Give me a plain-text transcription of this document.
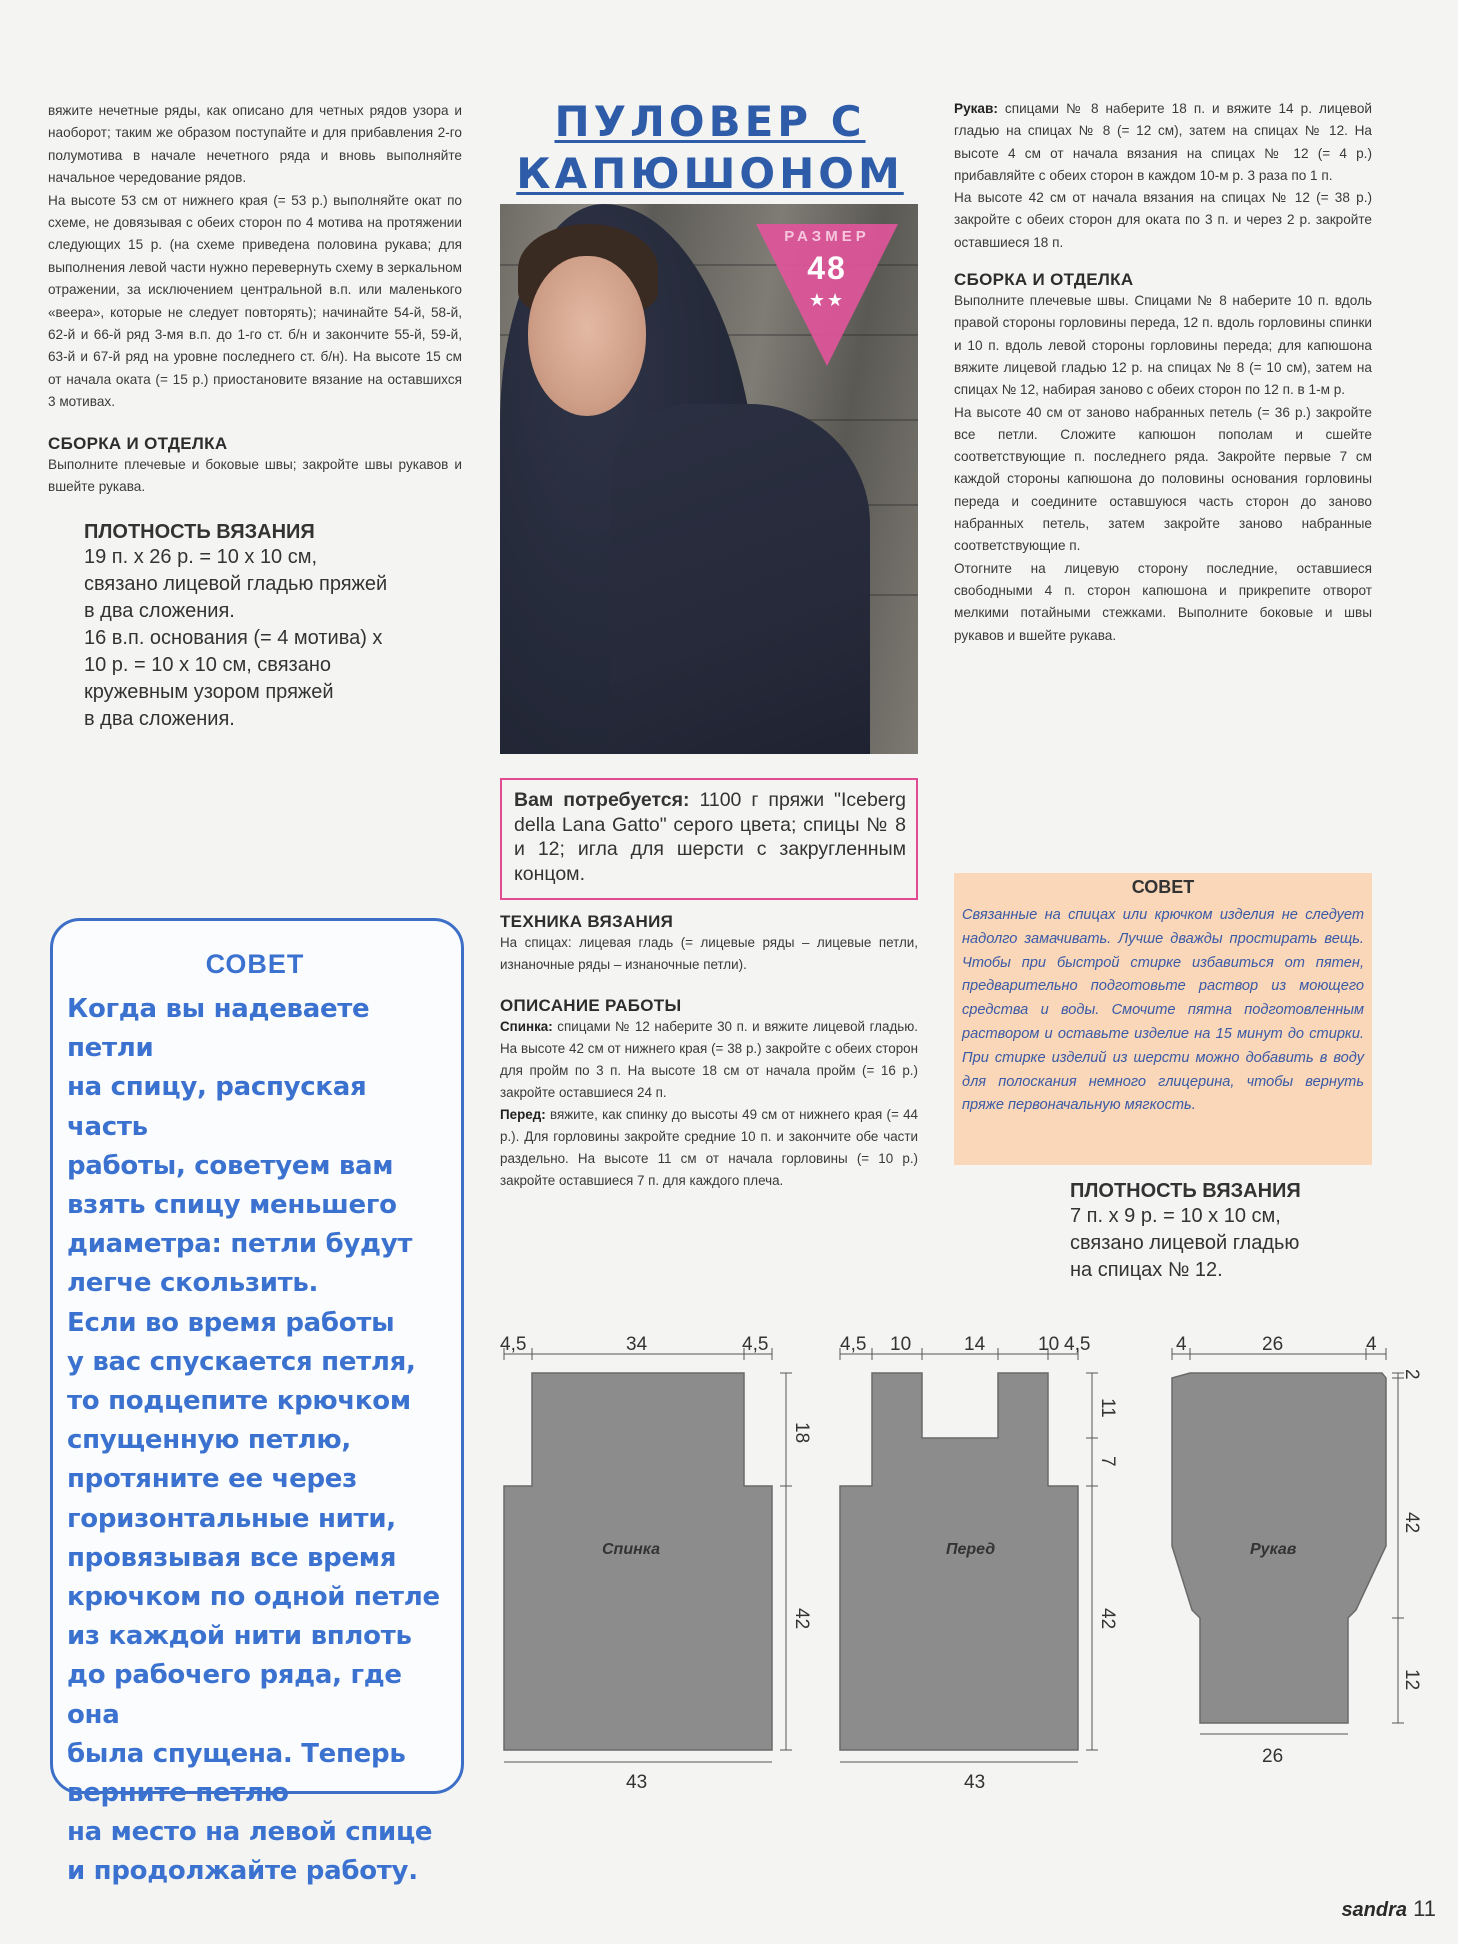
вяжите нечетные ряды, как описано для четных рядов узора и наоборот; таким же образом поступайте и для прибавления 2-го полумотива в начале нечетного ряда и вновь выполняйте начальное чередование рядов.

На высоте 53 см от нижнего края (= 53 р.) выполняйте окат по схеме, не довязывая с обеих сторон по 4 мотива на протяжении следующих 15 р. (на схеме приведена половина рукава; для выполнения левой части нужно перевернуть схему в зеркальном отражении, за исключением центральной в.п. или маленького «веера», которые не следует повторять); начинайте 54-й, 58-й, 62-й и 66-й ряд 3-мя в.п. до 1-го ст. б/н и закончите 55-й, 59-й, 63-й и 67-й ряд на уровне последнего ст. б/н). На высоте 15 см от начала оката (= 15 р.) приостановите вязание на оставшихся 3 мотивах.

СБОРКА И ОТДЕЛКА

Выполните плечевые и боковые швы; закройте швы рукавов и вшейте рукава.

ПЛОТНОСТЬ ВЯЗАНИЯ
19 п. х 26 р. = 10 х 10 см,
связано лицевой гладью пряжей
в два сложения.
16 в.п. основания (= 4 мотива) х
10 р. = 10 х 10 см, связано
кружевным узором пряжей
в два сложения.
СОВЕТ
Когда вы надеваете петли
на спицу, распуская часть
работы, советуем вам
взять спицу меньшего
диаметра: петли будут
легче скользить.
Если во время работы
у вас спускается петля,
то подцепите крючком
спущенную петлю,
протяните ее через
горизонтальные нити,
провязывая все время
крючком по одной петле
из каждой нити вплоть
до рабочего ряда, где она
была спущена. Теперь
верните петлю
на место на левой спице
и продолжайте работу.
ПУЛОВЕР С
КАПЮШОНОМ
РАЗМЕР
48
★★
Вам потребуется: 1100 г пряжи "Iceberg della Lana Gatto" серого цвета; спицы № 8 и 12; игла для шерсти с закругленным концом.
ТЕХНИКА ВЯЗАНИЯ

На спицах: лицевая гладь (= лицевые ряды – лицевые петли, изнаночные ряды – изнаночные петли).

ОПИСАНИЕ РАБОТЫ

Спинка: спицами № 12 наберите 30 п. и вяжите лицевой гладью. На высоте 42 см от нижнего края (= 38 р.) закройте с обеих сторон для пройм по 3 п. На высоте 18 см от начала пройм (= 16 р.) закройте оставшиеся 24 п.

Перед: вяжите, как спинку до высоты 49 см от нижнего края (= 44 р.). Для горловины закройте средние 10 п. и закончите обе части раздельно. На высоте 11 см от начала горловины (= 10 р.) закройте оставшиеся 7 п. для каждого плеча.

Рукав: спицами № 8 наберите 18 п. и вяжите 14 р. лицевой гладью на спицах № 8 (= 12 см), затем на спицах № 12. На высоте 4 см от начала вязания на спицах № 12 (= 4 р.) прибавляйте с обеих сторон в каждом 10-м р. 3 раза по 1 п.

На высоте 42 см от начала вязания на спицах № 12 (= 38 р.) закройте с обеих сторон для оката по 3 п. и через 2 р. закройте оставшиеся 18 п.

СБОРКА И ОТДЕЛКА

Выполните плечевые швы. Спицами № 8 наберите 10 п. вдоль правой стороны горловины переда, 12 п. вдоль горловины спинки и 10 п. вдоль левой стороны горловины переда; для капюшона вяжите лицевой гладью 12 р. на спицах № 8 (= 10 см), затем на спицах № 12, набирая заново с обеих сторон по 12 п. в 1-м р.

На высоте 40 см от заново набранных петель (= 36 р.) закройте все петли. Сложите капюшон пополам и сшейте соответствующие п. последнего ряда. Закройте первые 7 см каждой стороны капюшона до половины основания горловины переда и соедините оставшуюся часть сторон до заново набранных петель, затем закройте заново набранные соответствующие п.

Отогните на лицевую сторону последние, оставшиеся свободными 4 п. сторон капюшона и прикрепите отворот мелкими потайными стежками. Выполните боковые и швы рукавов и вшейте рукава.

СОВЕТ
Связанные на спицах или крючком изделия не следует надолго замачивать. Лучше дважды простирать вещь. Чтобы при быстрой стирке избавиться от пятен, предварительно подготовьте раствор из моющего средства и воды. Смочите пятна подготовленным раствором и оставьте изделие на 15 минут до стирки. При стирке изделий из шерсти можно добавить в воду для полоскания немного глицерина, чтобы вернуть пряже первоначальную мягкость.
ПЛОТНОСТЬ ВЯЗАНИЯ
7 п. х 9 р. = 10 х 10 см,
связано лицевой гладью
на спицах № 12.
4,5	34	4,5
18
42
43
Спинка
4,5 10	14	10 4,5
11
7
42
43
Перед
4	26	4
2
42
12
26
Рукав
sandra 11
